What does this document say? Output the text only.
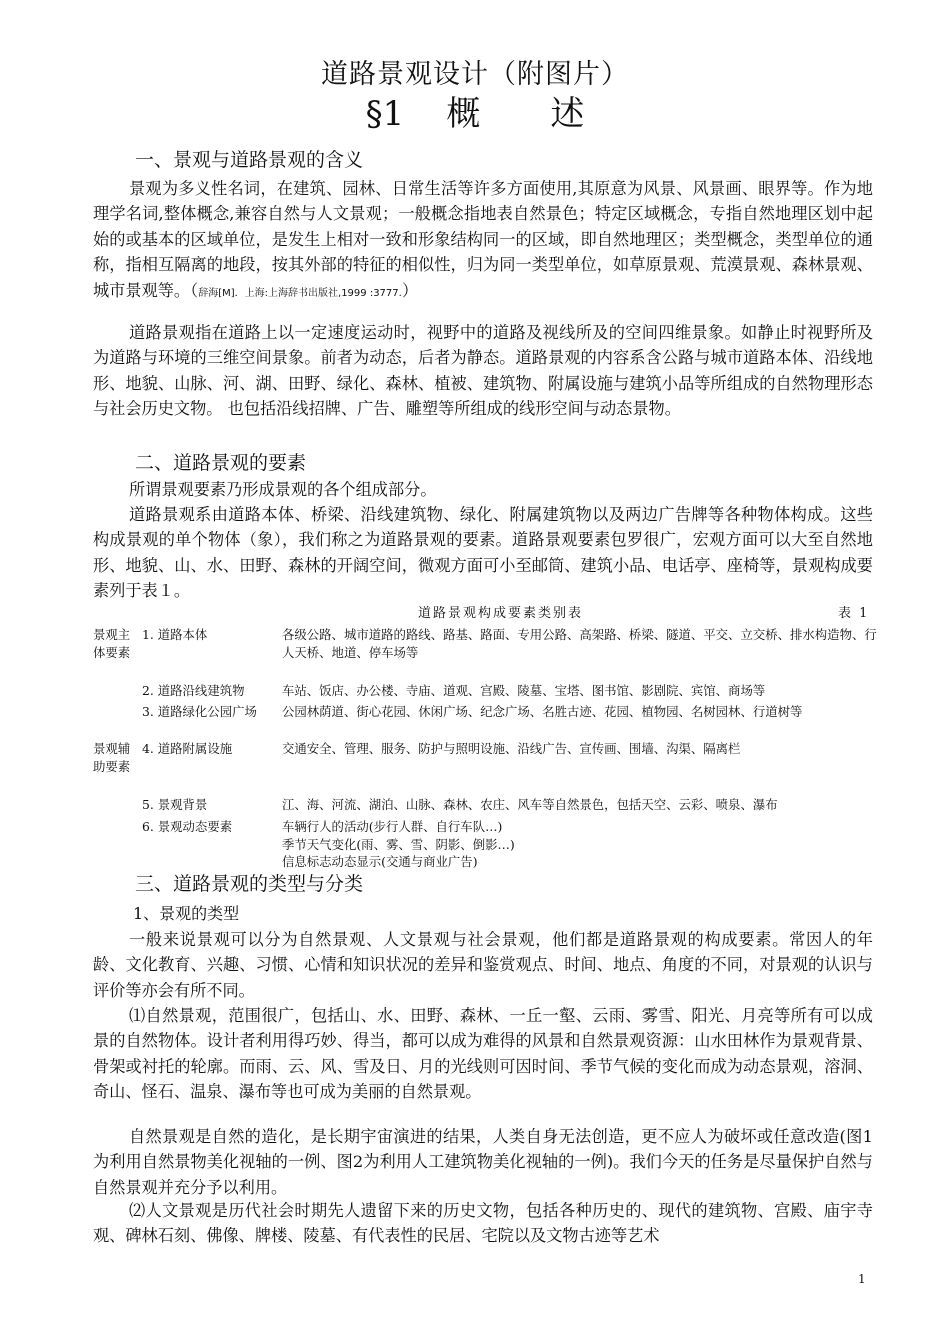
道路景观设计（附图片）
§1 概 述
一、景观与道路景观的含义

景观为多义性名词，在建筑、园林、日常生活等许多方面使用,其原意为风景、风景画、眼界等。作为地理学名词,整体概念,兼容自然与人文景观；一般概念指地表自然景色；特定区域概念，专指自然地理区划中起始的或基本的区域单位，是发生上相对一致和形象结构同一的区域，即自然地理区；类型概念，类型单位的通称，指相互隔离的地段，按其外部的特征的相似性，归为同一类型单位，如草原景观、荒漠景观、森林景观、城市景观等。（辞海[M]．上海:上海辞书出版社,1999 :3777.）

道路景观指在道路上以一定速度运动时，视野中的道路及视线所及的空间四维景象。如静止时视野所及为道路与环境的三维空间景象。前者为动态，后者为静态。道路景观的内容系含公路与城市道路本体、沿线地形、地貌、山脉、河、湖、田野、绿化、森林、植被、建筑物、附属设施与建筑小品等所组成的自然物理形态与社会历史文物。 也包括沿线招牌、广告、雕塑等所组成的线形空间与动态景物。

二、道路景观的要素

所谓景观要素乃形成景观的各个组成部分。

道路景观系由道路本体、桥梁、沿线建筑物、绿化、附属建筑物以及两边广告牌等各种物体构成。这些构成景观的单个物体（象），我们称之为道路景观的要素。道路景观要素包罗很广，宏观方面可以大至自然地形、地貌、山、水、田野、森林的开阔空间，微观方面可小至邮筒、建筑小品、电话亭、座椅等，景观构成要素列于表１。

道路景观构成要素类别表	表 1
景观主体要素
1. 道路本体	各级公路、城市道路的路线、路基、路面、专用公路、高架路、桥梁、隧道、平交、立交桥、排水构造物、行人天桥、地道、停车场等
2. 道路沿线建筑物	车站、饭店、办公楼、寺庙、道观、宫殿、陵墓、宝塔、图书馆、影剧院、宾馆、商场等
3. 道路绿化公园广场	公园林荫道、街心花园、休闲广场、纪念广场、名胜古迹、花园、植物园、名树园林、行道树等
景观辅助要素
4. 道路附属设施	交通安全、管理、服务、防护与照明设施、沿线广告、宣传画、围墙、沟渠、隔离栏
5. 景观背景	江、海、河流、湖泊、山脉、森林、农庄、风车等自然景色，包括天空、云彩、喷泉、瀑布
6. 景观动态要素	车辆行人的活动(步行人群、自行车队…)
季节天气变化(雨、雾、雪、阴影、倒影…)
信息标志动态显示(交通与商业广告)
三、道路景观的类型与分类
1、景观的类型

一般来说景观可以分为自然景观、人文景观与社会景观，他们都是道路景观的构成要素。常因人的年龄、文化教育、兴趣、习惯、心情和知识状况的差异和鉴赏观点、时间、地点、角度的不同，对景观的认识与评价等亦会有所不同。

⑴自然景观，范围很广，包括山、水、田野、森林、一丘一壑、云雨、雾雪、阳光、月亮等所有可以成景的自然物体。设计者利用得巧妙、得当，都可以成为难得的风景和自然景观资源：山水田林作为景观背景、骨架或衬托的轮廓。而雨、云、风、雪及日、月的光线则可因时间、季节气候的变化而成为动态景观，溶洞、奇山、怪石、温泉、瀑布等也可成为美丽的自然景观。

自然景观是自然的造化，是长期宇宙演进的结果，人类自身无法创造，更不应人为破坏或任意改造(图1为利用自然景物美化视轴的一例、图2为利用人工建筑物美化视轴的一例)。我们今天的任务是尽量保护自然与自然景观并充分予以利用。

⑵人文景观是历代社会时期先人遗留下来的历史文物，包括各种历史的、现代的建筑物、宫殿、庙宇寺观、碑林石刻、佛像、牌楼、陵墓、有代表性的民居、宅院以及文物古迹等艺术

1
